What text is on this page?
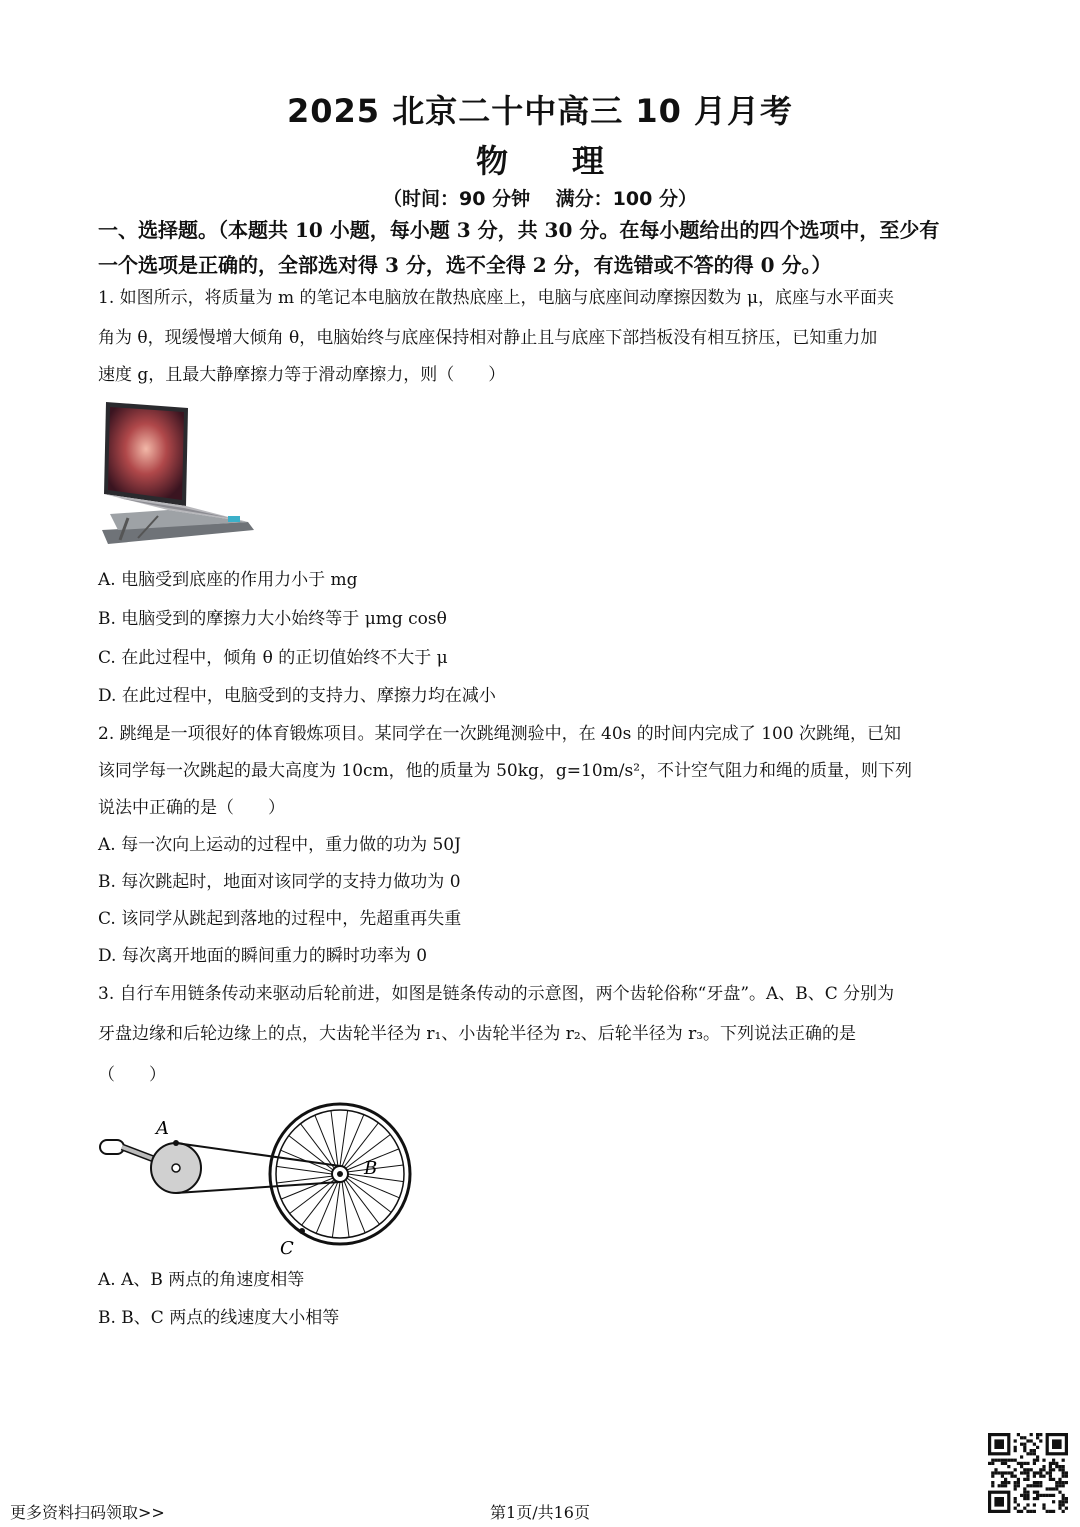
2025 北京二十中高三 10 月月考
物　　理
（时间：90 分钟　 满分：100 分）
一、选择题。（本题共 10 小题，每小题 3 分，共 30 分。在每小题给出的四个选项中，至少有
一个选项是正确的，全部选对得 3 分，选不全得 2 分，有选错或不答的得 0 分。）
1. 如图所示，将质量为 m 的笔记本电脑放在散热底座上，电脑与底座间动摩擦因数为 μ，底座与水平面夹
角为 θ，现缓慢增大倾角 θ，电脑始终与底座保持相对静止且与底座下部挡板没有相互挤压，已知重力加
速度 g，且最大静摩擦力等于滑动摩擦力，则（　　）
A. 电脑受到底座的作用力小于 mg
B. 电脑受到的摩擦力大小始终等于 μmg cosθ
C. 在此过程中，倾角 θ 的正切值始终不大于 μ
D. 在此过程中，电脑受到的支持力、摩擦力均在减小
2. 跳绳是一项很好的体育锻炼项目。某同学在一次跳绳测验中，在 40s 的时间内完成了 100 次跳绳，已知
该同学每一次跳起的最大高度为 10cm，他的质量为 50kg，g=10m/s²，不计空气阻力和绳的质量，则下列
说法中正确的是（　　）
A. 每一次向上运动的过程中，重力做的功为 50J
B. 每次跳起时，地面对该同学的支持力做功为 0
C. 该同学从跳起到落地的过程中，先超重再失重
D. 每次离开地面的瞬间重力的瞬时功率为 0
3. 自行车用链条传动来驱动后轮前进，如图是链条传动的示意图，两个齿轮俗称“牙盘”。A、B、C 分别为
牙盘边缘和后轮边缘上的点，大齿轮半径为 r₁、小齿轮半径为 r₂、后轮半径为 r₃。下列说法正确的是
（　　）
A
B
C
A. A、B 两点的角速度相等
B. B、C 两点的线速度大小相等
更多资料扫码领取>>	第1页/共16页
